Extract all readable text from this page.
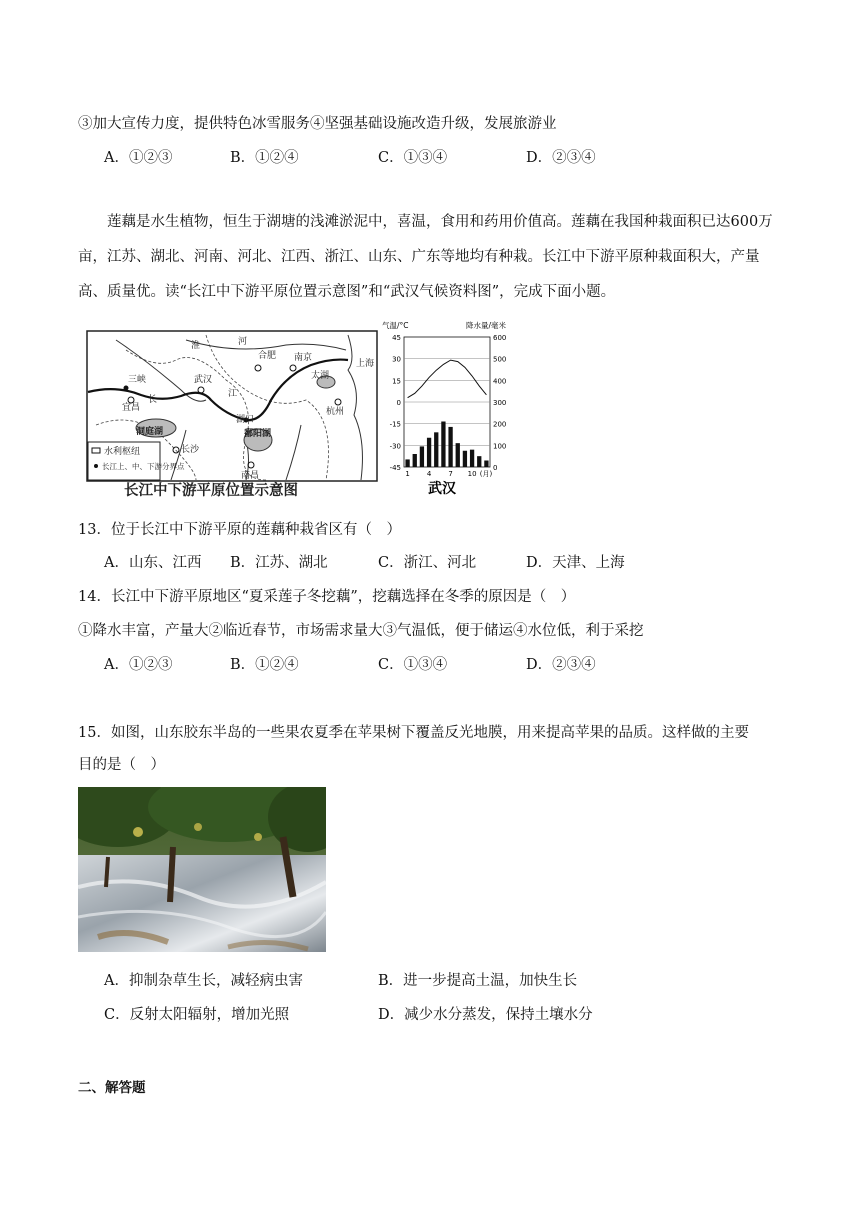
③加大宣传力度，提供特色冰雪服务④坚强基础设施改造升级，发展旅游业
A．①②③	B．①②④	C．①③④	D．②③④
莲藕是水生植物，恒生于湖塘的浅滩淤泥中，喜温，食用和药用价值高。莲藕在我国种栽面积已达600万亩，江苏、湖北、河南、河北、江西、浙江、山东、广东等地均有种栽。长江中下游平原种栽面积大，产量高、质量优。读“长江中下游平原位置示意图”和“武汉气候资料图”，完成下面小题。
淮	河
合肥 南京
上海
太湖
三峡
长
宜昌
武汉
江
杭州
洞庭湖
湖口
鄱阳湖
长沙
南昌
水利枢纽
长江上、中、下游分界点
长江中下游平原位置示意图
气温/°C	降水量/毫米
45
30
15
0
-15
-30
-45
600
500
400
300
200
100
0
1 4 7 10 (月)
武汉
13．位于长江中下游平原的莲藕种栽省区有（　）
A．山东、江西 B．江苏、湖北	C．浙江、河北	D．天津、上海
14．长江中下游平原地区“夏采莲子冬挖藕”，挖藕选择在冬季的原因是（　）
①降水丰富，产量大②临近春节，市场需求量大③气温低，便于储运④水位低，利于采挖
A．①②③	B．①②④	C．①③④	D．②③④
15．如图，山东胶东半岛的一些果农夏季在苹果树下覆盖反光地膜，用来提高苹果的品质。这样做的主要
目的是（　）
A．抑制杂草生长，减轻病虫害	B．进一步提高土温，加快生长
C．反射太阳辐射，增加光照	D．减少水分蒸发，保持土壤水分
二、解答题
